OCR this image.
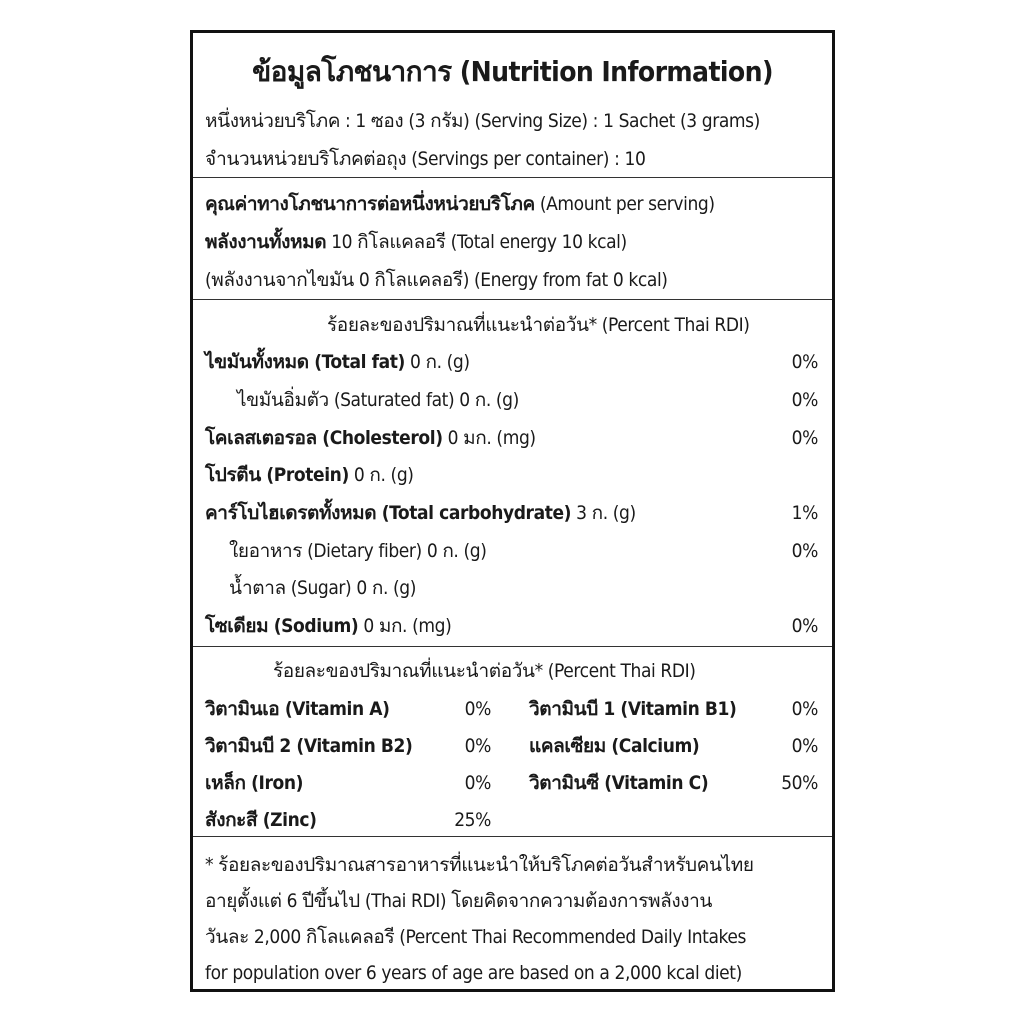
ข้อมูลโภชนาการ (Nutrition Information)
หนึ่งหน่วยบริโภค : 1 ซอง (3 กรัม) (Serving Size) : 1 Sachet (3 grams)
จำนวนหน่วยบริโภคต่อถุง (Servings per container) : 10
คุณค่าทางโภชนาการต่อหนึ่งหน่วยบริโภค (Amount per serving)
พลังงานทั้งหมด 10 กิโลแคลอรี (Total energy 10 kcal)
(พลังงานจากไขมัน 0 กิโลแคลอรี) (Energy from fat 0 kcal)
ร้อยละของปริมาณที่แนะนำต่อวัน* (Percent Thai RDI)
ไขมันทั้งหมด (Total fat) 0 ก. (g)	0%
ไขมันอิ่มตัว (Saturated fat) 0 ก. (g)	0%
โคเลสเตอรอล (Cholesterol) 0 มก. (mg)	0%
โปรตีน (Protein) 0 ก. (g)
คาร์โบไฮเดรตทั้งหมด (Total carbohydrate) 3 ก. (g)	1%
ใยอาหาร (Dietary fiber) 0 ก. (g)	0%
น้ำตาล (Sugar) 0 ก. (g)
โซเดียม (Sodium) 0 มก. (mg)	0%
ร้อยละของปริมาณที่แนะนำต่อวัน* (Percent Thai RDI)
วิตามินเอ (Vitamin A)	0% วิตามินบี 1 (Vitamin B1)	0%
วิตามินบี 2 (Vitamin B2)	0% แคลเซียม (Calcium)	0%
เหล็ก (Iron)	0% วิตามินซี (Vitamin C)	50%
สังกะสี (Zinc)	25%
* ร้อยละของปริมาณสารอาหารที่แนะนำให้บริโภคต่อวันสำหรับคนไทย
อายุตั้งแต่ 6 ปีขึ้นไป (Thai RDI) โดยคิดจากความต้องการพลังงาน
วันละ 2,000 กิโลแคลอรี (Percent Thai Recommended Daily Intakes
for population over 6 years of age are based on a 2,000 kcal diet)
